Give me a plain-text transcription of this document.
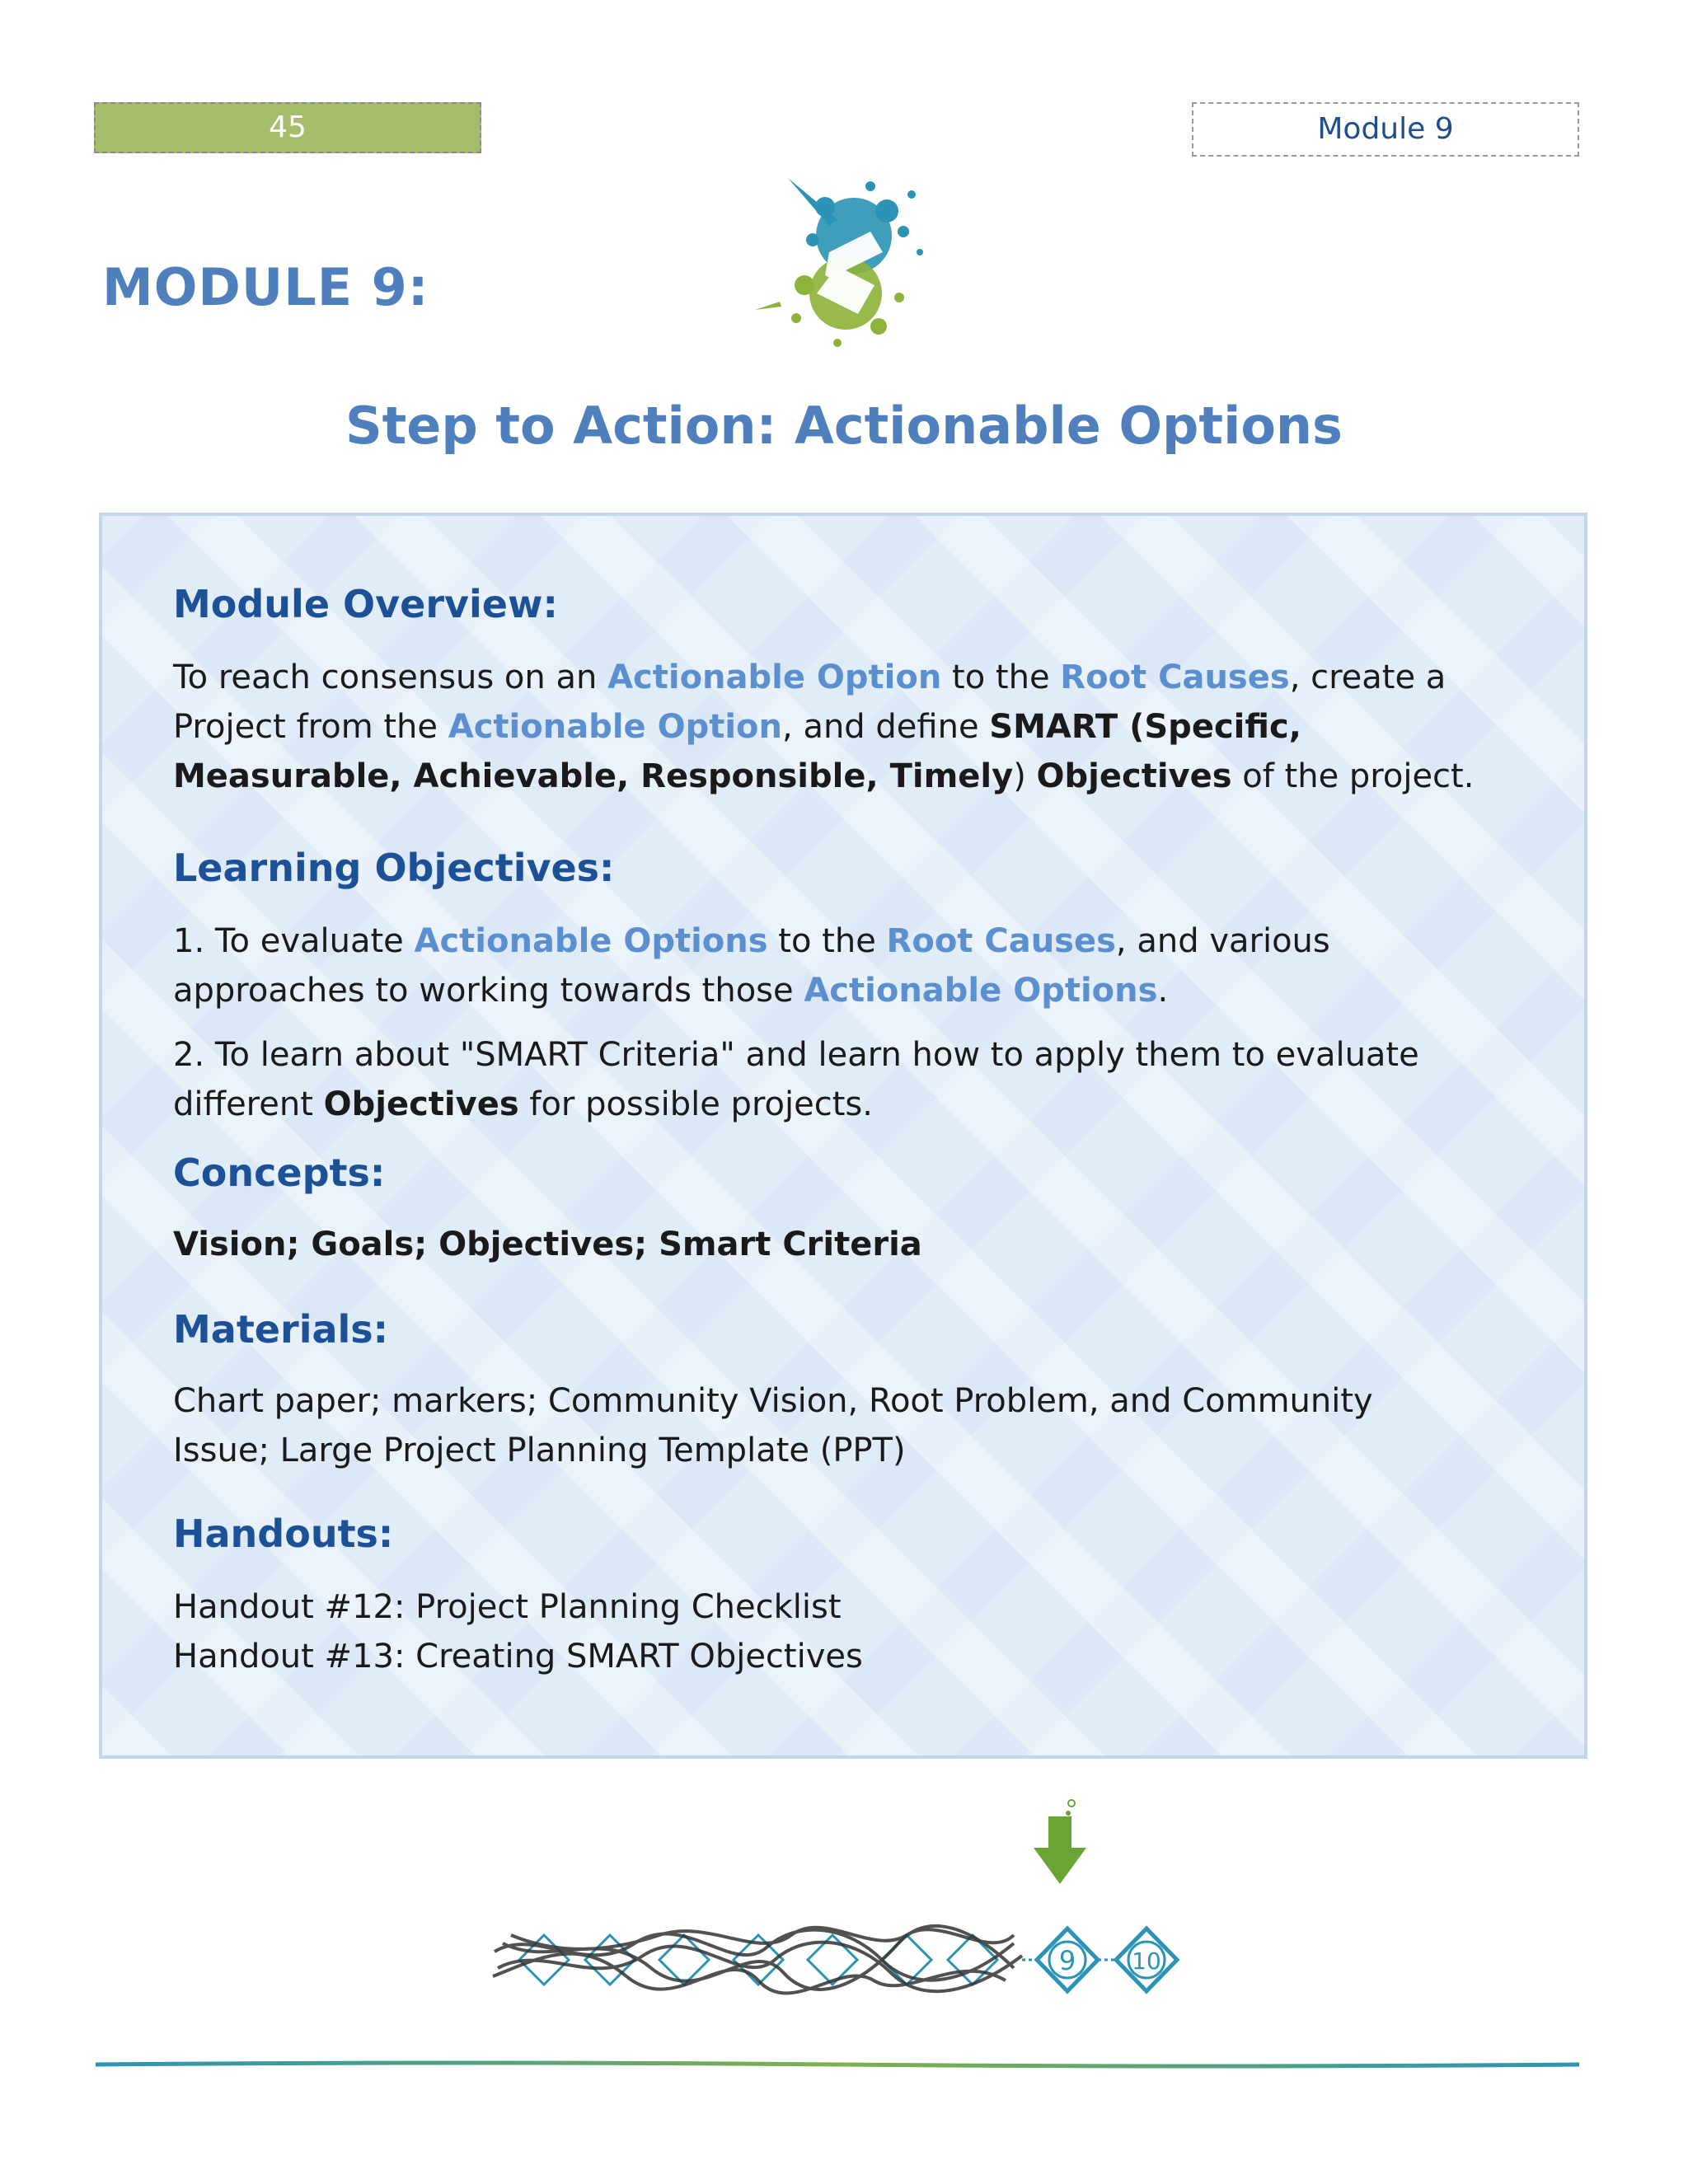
45	Module 9
MODULE 9:
Step to Action: Actionable Options
Module Overview:
To reach consensus on an Actionable Option to the Root Causes, create a Project from the Actionable Option, and define SMART (Specific, Measurable, Achievable, Responsible, Timely) Objectives of the project.
Learning Objectives:
1. To evaluate Actionable Options to the Root Causes, and various approaches to working towards those Actionable Options.
2. To learn about "SMART Criteria" and learn how to apply them to evaluate different Objectives for possible projects.
Concepts:
Vision; Goals; Objectives; Smart Criteria
Materials:
Chart paper; markers; Community Vision, Root Problem, and Community Issue; Large Project Planning Template (PPT)
Handouts:
Handout #12: Project Planning Checklist
Handout #13: Creating SMART Objectives
9 10
